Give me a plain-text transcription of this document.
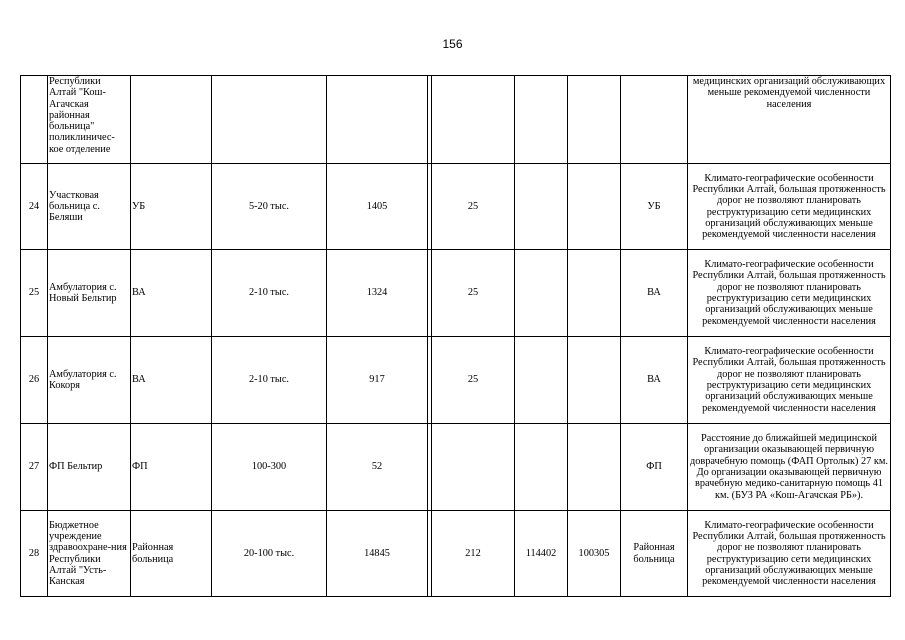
156
	Республики Алтай "Кош-Агачская районная больница" поликлиничес-кое отделение									медицинских организаций обслуживающих меньше рекомендуемой численности населения
24	Участковая больница с. Беляши	УБ	5-20 тыс.	1405		25			УБ	Климато-географические особенности Республики Алтай, большая протяженность дорог не позволяют планировать реструктуризацию сети медицинских организаций обслуживающих меньше рекомендуемой численности населения
25	Амбулатория с. Новый Бельтир	ВА	2-10 тыс.	1324		25			ВА	Климато-географические особенности Республики Алтай, большая протяженность дорог не позволяют планировать реструктуризацию сети медицинских организаций обслуживающих меньше рекомендуемой численности населения
26	Амбулатория с. Кокоря	ВА	2-10 тыс.	917		25			ВА	Климато-географические особенности Республики Алтай, большая протяженность дорог не позволяют планировать реструктуризацию сети медицинских организаций обслуживающих меньше рекомендуемой численности населения
27	ФП Бельтир	ФП	100-300	52					ФП	Расстояние до ближайшей медицинской организации оказывающей первичную доврачебную помощь (ФАП Ортолык) 27 км. До организации оказывающей первичную врачебную медико-санитарную помощь 41 км. (БУЗ РА «Кош-Агачская РБ»).
28	Бюджетное учреждение здравоохране-ния Республики Алтай "Усть-Канская	Районная больница	20-100 тыс.	14845		212	114402	100305	Районная больница	Климато-географические особенности Республики Алтай, большая протяженность дорог не позволяют планировать реструктуризацию сети медицинских организаций обслуживающих меньше рекомендуемой численности населения
